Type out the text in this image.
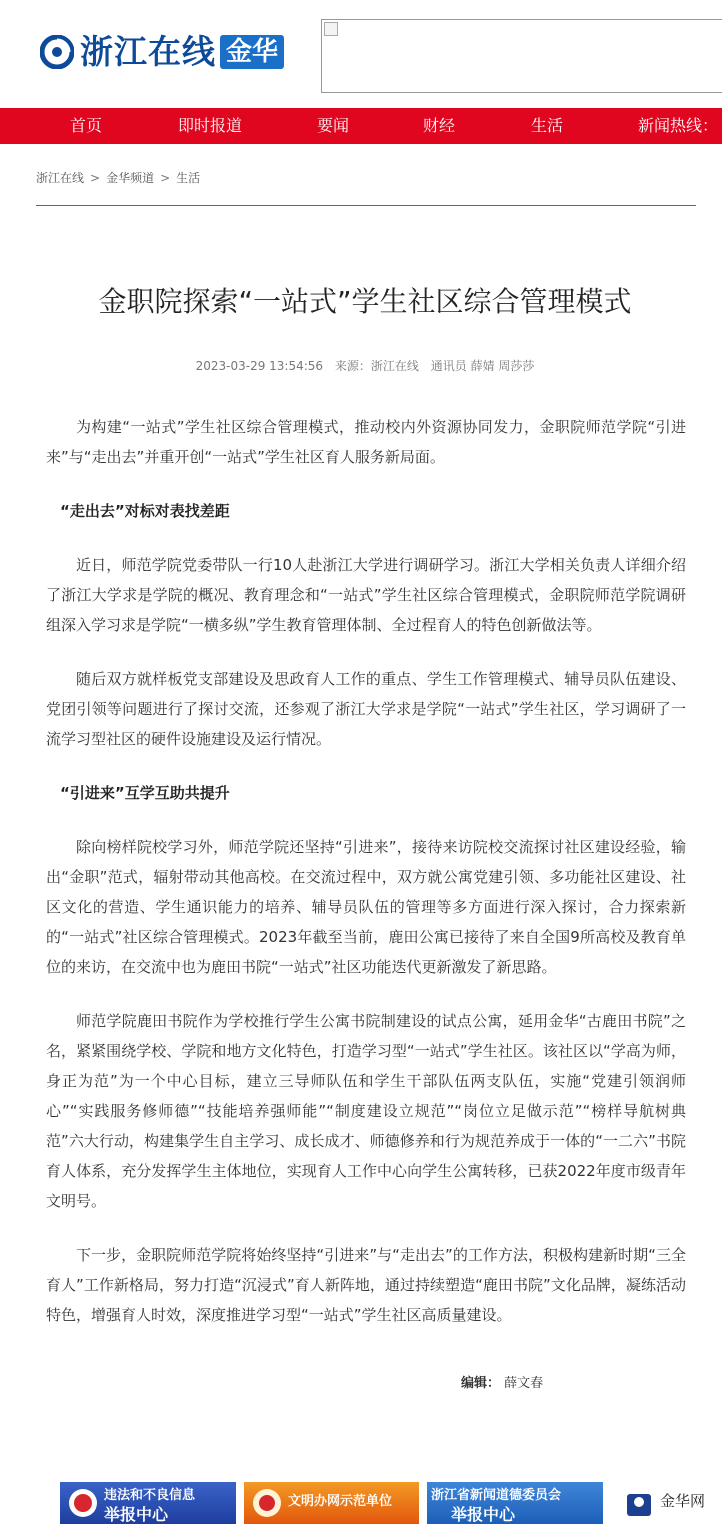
浙江在线 金华
首页	即时报道	要闻	财经	生活	新闻热线：
浙江在线 > 金华频道 > 生活
金职院探索“一站式”学生社区综合管理模式
2023-03-29 13:54:56 来源：浙江在线 通讯员 薛婧 周莎莎

为构建“一站式”学生社区综合管理模式，推动校内外资源协同发力，金职院师范学院“引进来”与“走出去”并重开创“一站式”学生社区育人服务新局面。

“走出去”对标对表找差距

近日，师范学院党委带队一行10人赴浙江大学进行调研学习。浙江大学相关负责人详细介绍了浙江大学求是学院的概况、教育理念和“一站式”学生社区综合管理模式，金职院师范学院调研组深入学习求是学院“一横多纵”学生教育管理体制、全过程育人的特色创新做法等。

随后双方就样板党支部建设及思政育人工作的重点、学生工作管理模式、辅导员队伍建设、党团引领等问题进行了探讨交流，还参观了浙江大学求是学院“一站式”学生社区，学习调研了一流学习型社区的硬件设施建设及运行情况。

“引进来”互学互助共提升

除向榜样院校学习外，师范学院还坚持“引进来”，接待来访院校交流探讨社区建设经验，输出“金职”范式，辐射带动其他高校。在交流过程中，双方就公寓党建引领、多功能社区建设、社区文化的营造、学生通识能力的培养、辅导员队伍的管理等多方面进行深入探讨，合力探索新的“一站式”社区综合管理模式。2023年截至当前，鹿田公寓已接待了来自全国9所高校及教育单位的来访，在交流中也为鹿田书院“一站式”社区功能迭代更新激发了新思路。

师范学院鹿田书院作为学校推行学生公寓书院制建设的试点公寓，延用金华“古鹿田书院”之名，紧紧围绕学校、学院和地方文化特色，打造学习型“一站式”学生社区。该社区以“学高为师，身正为范”为一个中心目标，建立三导师队伍和学生干部队伍两支队伍，实施“党建引领润师心”“实践服务修师德”“技能培养强师能”“制度建设立规范”“岗位立足做示范”“榜样导航树典范”六大行动，构建集学生自主学习、成长成才、师德修养和行为规范养成于一体的“一二六”书院育人体系，充分发挥学生主体地位，实现育人工作中心向学生公寓转移，已获2022年度市级青年文明号。

下一步，金职院师范学院将始终坚持“引进来”与“走出去”的工作方法，积极构建新时期“三全育人”工作新格局，努力打造“沉浸式”育人新阵地，通过持续塑造“鹿田书院”文化品牌，凝练活动特色，增强育人时效，深度推进学习型“一站式”学生社区高质量建设。

编辑： 薛文春
违法和不良信息
举报中心
文明办网示范单位	浙江省新闻道德委员会
举报中心
金华网
